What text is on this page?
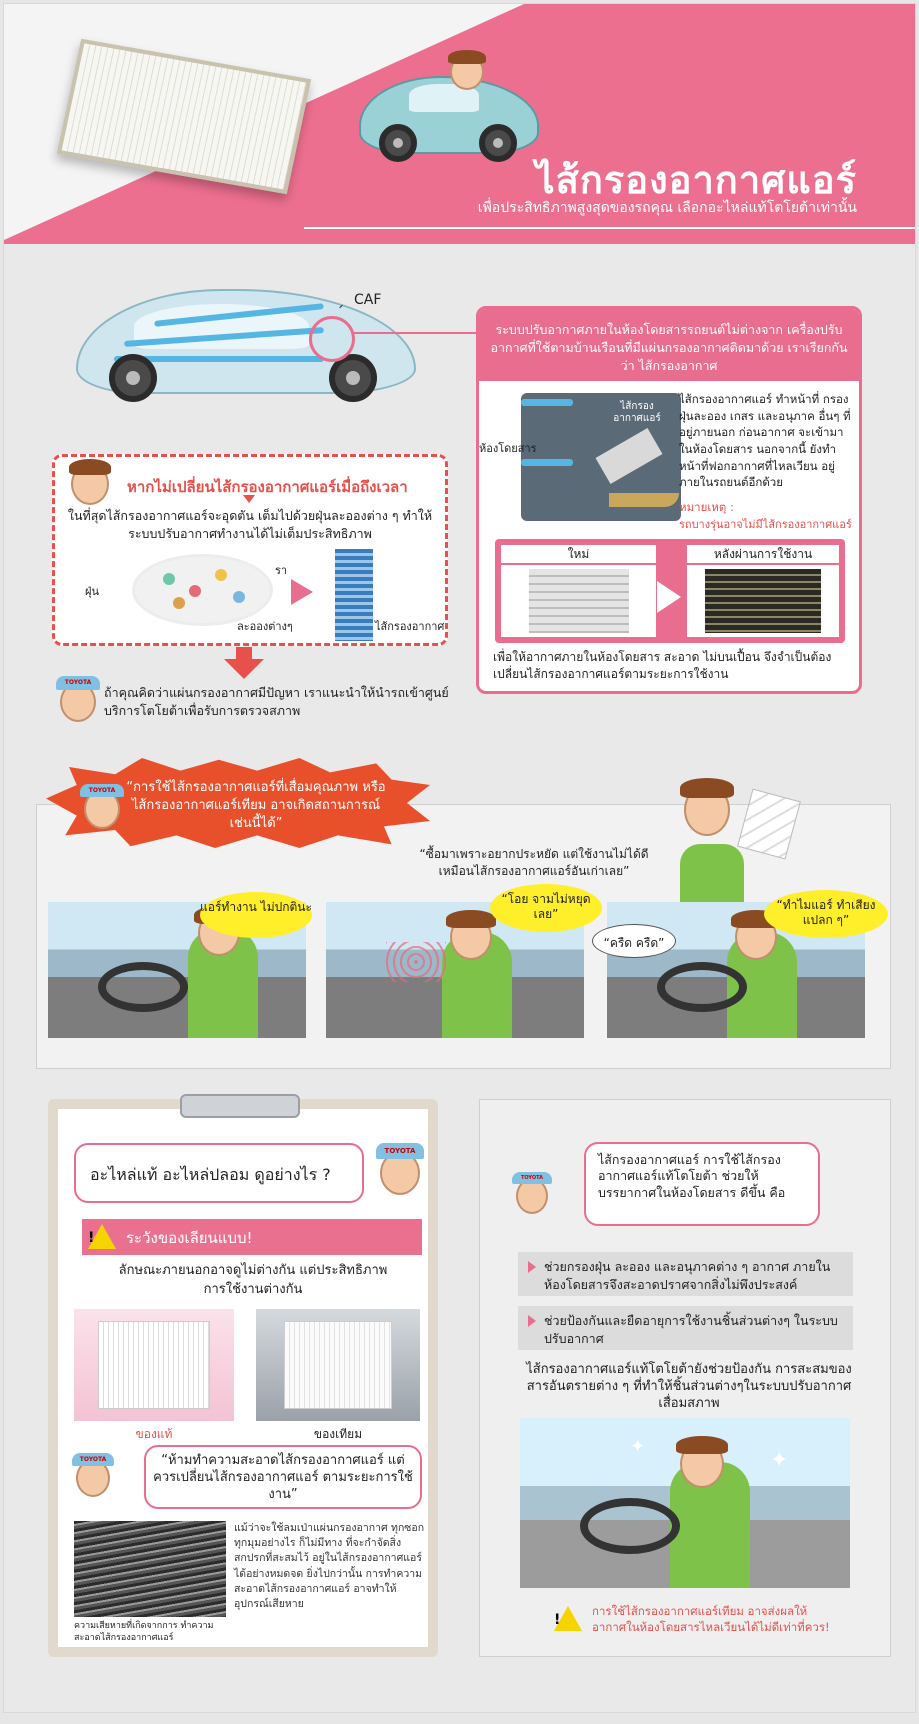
ไส้กรองอากาศแอร์
เพื่อประสิทธิภาพสูงสุดของรถคุณ เลือกอะไหล่แท้โตโยต้าเท่านั้น
CAF
ระบบปรับอากาศภายในห้องโดยสารรถยนต์ไม่ต่างจาก เครื่องปรับอากาศที่ใช้ตามบ้านเรือนที่มีแผ่นกรองอากาศติดมาด้วย เราเรียกกันว่า ไส้กรองอากาศ
ไส้กรอง อากาศแอร์
ห้องโดยสาร
ไส้กรองอากาศแอร์ ทำหน้าที่ กรองฝุ่นละออง เกสร และอนุภาค อื่นๆ ที่อยู่ภายนอก ก่อนอากาศ จะเข้ามาในห้องโดยสาร นอกจากนี้ ยังทำหน้าที่ฟอกอากาศที่ไหลเวียน อยู่ภายในรถยนต์อีกด้วย
หมายเหตุ :
รถบางรุ่นอาจไม่มีไส้กรองอากาศแอร์
ใหม่	หลังผ่านการใช้งาน
เพื่อให้อากาศภายในห้องโดยสาร สะอาด ไม่บนเปื้อน จึงจำเป็นต้อง เปลี่ยนไส้กรองอากาศแอร์ตามระยะการใช้งาน
หากไม่เปลี่ยนไส้กรองอากาศแอร์เมื่อถึงเวลา
ในที่สุดไส้กรองอากาศแอร์จะอุดตัน เต็มไปด้วยฝุ่นละอองต่าง ๆ ทำให้ระบบปรับอากาศทำงานได้ไม่เต็มประสิทธิภาพ
ฝุ่น
รา
ละอองต่างๆ	ไส้กรองอากาศ
TOYOTA
ถ้าคุณคิดว่าแผ่นกรองอากาศมีปัญหา เราแนะนำให้นำรถเข้าศูนย์บริการโตโยต้าเพื่อรับการตรวจสภาพ
TOYOTA “การใช้ไส้กรองอากาศแอร์ที่เสื่อมคุณภาพ หรือไส้กรองอากาศแอร์เทียม อาจเกิดสถานการณ์เช่นนี้ได้”
“ซื้อมาเพราะอยากประหยัด แต่ใช้งานไม่ได้ดีเหมือนไส้กรองอากาศแอร์อันเก่าเลย”
แอร์ทำงาน ไม่ปกตินะ
“โอย จามไม่หยุดเลย”
“ทำไมแอร์ ทำเสียงแปลก ๆ”
“ครืด ครืด”
อะไหล่แท้ อะไหล่ปลอม ดูอย่างไร ?
TOYOTA
! ระวังของเลียนแบบ!
ลักษณะภายนอกอาจดูไม่ต่างกัน แต่ประสิทธิภาพการใช้งานต่างกัน
ของแท้	ของเทียม
TOYOTA	“ห้ามทำความสะอาดไส้กรองอากาศแอร์ แต่ควรเปลี่ยนไส้กรองอากาศแอร์ ตามระยะการใช้งาน”
ความเสียหายที่เกิดจากการ ทำความสะอาดไส้กรองอากาศแอร์
แม้ว่าจะใช้ลมเป่าแผ่นกรองอากาศ ทุกซอกทุกมุมอย่างไร ก็ไม่มีทาง ที่จะกำจัดสิ่งสกปรกที่สะสมไว้ อยู่ในไส้กรองอากาศแอร์ ได้อย่างหมดจด ยิ่งไปกว่านั้น การทำความสะอาดไส้กรองอากาศแอร์ อาจทำให้อุปกรณ์เสียหาย
TOYOTA
ไส้กรองอากาศแอร์ การใช้ไส้กรองอากาศแอร์แท้โตโยต้า ช่วยให้บรรยากาศในห้องโดยสาร ดีขึ้น คือ
ช่วยกรองฝุ่น ละออง และอนุภาคต่าง ๆ อากาศ ภายในห้องโดยสารจึงสะอาดปราศจากสิ่งไม่พึงประสงค์
ช่วยป้องกันและยืดอายุการใช้งานชิ้นส่วนต่างๆ ในระบบปรับอากาศ
ไส้กรองอากาศแอร์แท้โตโยต้ายังช่วยป้องกัน การสะสมของสารอันตรายต่าง ๆ ที่ทำให้ชิ้นส่วนต่างๆในระบบปรับอากาศเสื่อมสภาพ
✦
✦
!
การใช้ไส้กรองอากาศแอร์เทียม อาจส่งผลให้ อากาศในห้องโดยสารไหลเวียนได้ไม่ดีเท่าที่ควร!
